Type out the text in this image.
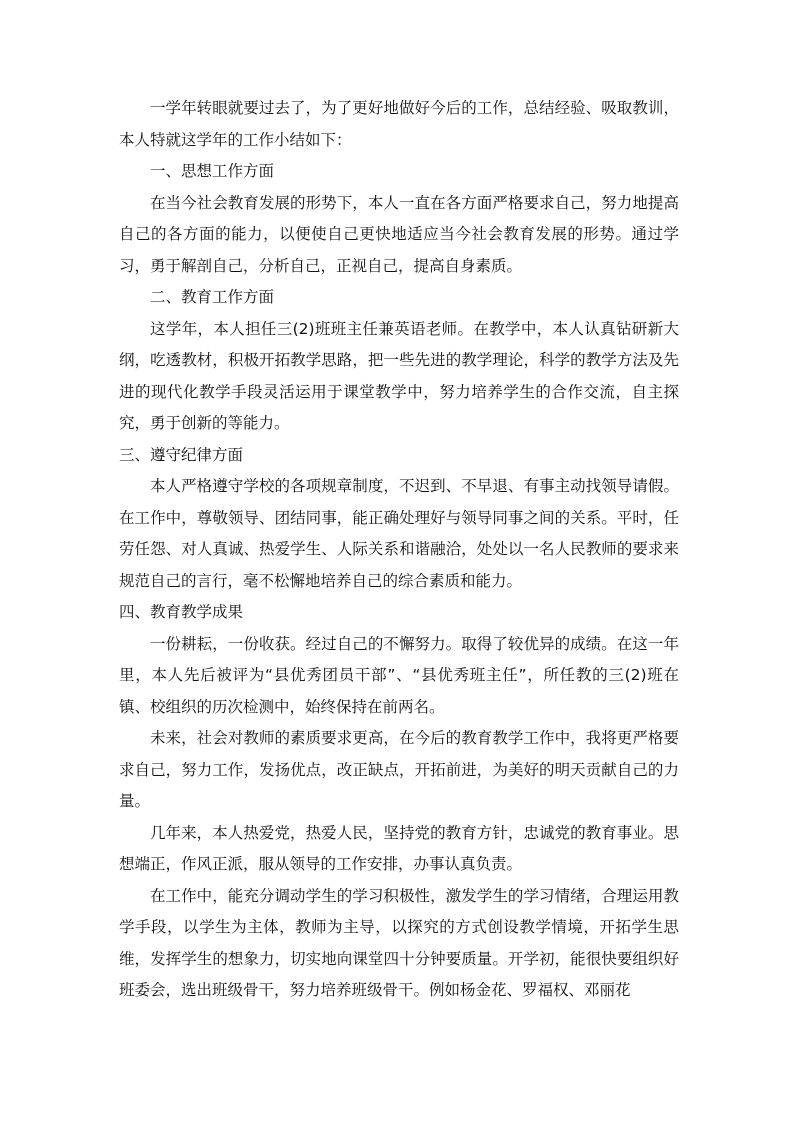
一学年转眼就要过去了，为了更好地做好今后的工作，总结经验、吸取教训，本人特就这学年的工作小结如下：

一、思想工作方面

在当今社会教育发展的形势下，本人一直在各方面严格要求自己，努力地提高自己的各方面的能力，以便使自己更快地适应当今社会教育发展的形势。通过学习，勇于解剖自己，分析自己，正视自己，提高自身素质。

二、教育工作方面

这学年，本人担任三(2)班班主任兼英语老师。在教学中，本人认真钻研新大纲，吃透教材，积极开拓教学思路，把一些先进的教学理论，科学的教学方法及先进的现代化教学手段灵活运用于课堂教学中，努力培养学生的合作交流，自主探究，勇于创新的等能力。

三、遵守纪律方面

本人严格遵守学校的各项规章制度，不迟到、不早退、有事主动找领导请假。在工作中，尊敬领导、团结同事，能正确处理好与领导同事之间的关系。平时，任劳任怨、对人真诚、热爱学生、人际关系和谐融洽，处处以一名人民教师的要求来规范自己的言行，毫不松懈地培养自己的综合素质和能力。

四、教育教学成果

一份耕耘，一份收获。经过自己的不懈努力。取得了较优异的成绩。在这一年里，本人先后被评为“县优秀团员干部”、“县优秀班主任”，所任教的三(2)班在镇、校组织的历次检测中，始终保持在前两名。

未来，社会对教师的素质要求更高，在今后的教育教学工作中，我将更严格要求自己，努力工作，发扬优点，改正缺点，开拓前进，为美好的明天贡献自己的力量。

几年来，本人热爱党，热爱人民，坚持党的教育方针，忠诚党的教育事业。思想端正，作风正派，服从领导的工作安排，办事认真负责。

在工作中，能充分调动学生的学习积极性，激发学生的学习情绪，合理运用教学手段，以学生为主体，教师为主导，以探究的方式创设教学情境，开拓学生思维，发挥学生的想象力，切实地向课堂四十分钟要质量。开学初，能很快要组织好班委会，选出班级骨干，努力培养班级骨干。例如杨金花、罗福权、邓丽花
